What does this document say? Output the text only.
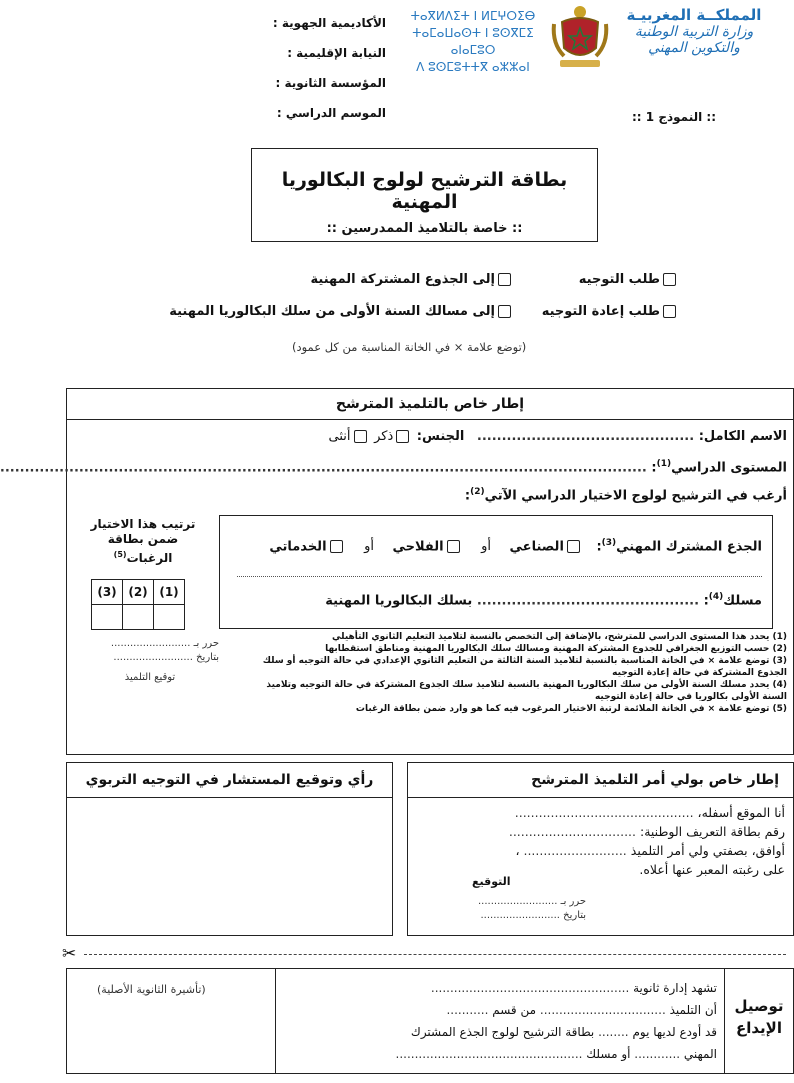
المملكــة المغربيـة
وزارة التربية الوطنية
والتكوين المهني
ⵜⴰⴳⵍⴷⵉⵜ ⵏ ⵍⵎⵖⵔⵉⴱ
ⵜⴰⵎⴰⵡⴰⵙⵜ ⵏ ⵓⵙⴳⵎⵉ ⴰⵏⴰⵎⵓⵔ
ⴷ ⵓⵙⵎⵓⵜⵜⴳ ⴰⵣⵣⴰⵏ
الأكاديمية الجهوية :
النيابة الإقليمية :
المؤسسة الثانوية :
الموسم الدراسي :	:: النموذج 1 ::
بطاقة الترشيح لولوج البكالوريا المهنية
:: خاصة بالتلاميذ الممدرسين ::
طلب التوجيه
طلب إعادة التوجيه
إلى الجذوع المشتركة المهنية
إلى مسالك السنة الأولى من سلك البكالوريا المهنية
(توضع علامة × في الخانة المناسبة من كل عمود)
إطار خاص بالتلميذ المترشح
الاسم الكامل: ............................................ الجنس: ذكر أنثى
المستوى الدراسي$^{(1)}$: ...................................................................................................................................
أرغب في الترشيح لولوج الاختيار الدراسي الآتي$^{(2)}$:
الجذع المشترك المهني$^{(3)}$: الصناعي أو الفلاحي أو الخدماتي
مسلك$^{(4)}$: ............................................. بسلك البكالوريا المهنية
ترتيب هذا الاختيار ضمن بطاقة الرغبات$^{(5)}$
(3)	(2)	(1)

حرر بـ .........................
بتاريخ .........................
توقيع التلميذ
(1) يحدد هذا المستوى الدراسي للمترشح، بالإضافة إلى التخصص بالنسبة لتلاميذ التعليم الثانوي التأهيلي
(2) حسب التوزيع الجغرافي للجذوع المشتركة المهنية ومسالك سلك البكالوريا المهنية ومناطق استقطابها
(3) توضع علامة × في الخانة المناسبة بالنسبة لتلاميذ السنة الثالثة من التعليم الثانوي الإعدادي في حالة التوجيه أو سلك الجذوع المشتركة في حالة إعادة التوجيه
(4) يحدد مسلك السنة الأولى من سلك البكالوريا المهنية بالنسبة لتلاميذ سلك الجذوع المشتركة في حالة التوجيه وتلاميذ السنة الأولى بكالوريا في حالة إعادة التوجيه
(5) توضع علامة × في الخانة الملائمة لرتبة الاختيار المرغوب فيه كما هو وارد ضمن بطاقة الرغبات
إطار خاص بولي أمر التلميذ المترشح
أنا الموقع أسفله، .............................................
رقم بطاقة التعريف الوطنية: ................................
أوافق، بصفتي ولي أمر التلميذ .......................... ،
على رغبته المعبر عنها أعلاه.
التوقيع
حرر بـ .........................
بتاريخ .........................
رأي وتوقيع المستشار في التوجيه التربوي
✂
توصيل
الإيداع
تشهد إدارة ثانوية ....................................................
أن التلميذ ................................. من قسم ...........
قد أودع لديها يوم ........ بطاقة الترشيح لولوج الجذع المشترك
المهني ............ أو مسلك .................................................
(تأشيرة الثانوية الأصلية)
